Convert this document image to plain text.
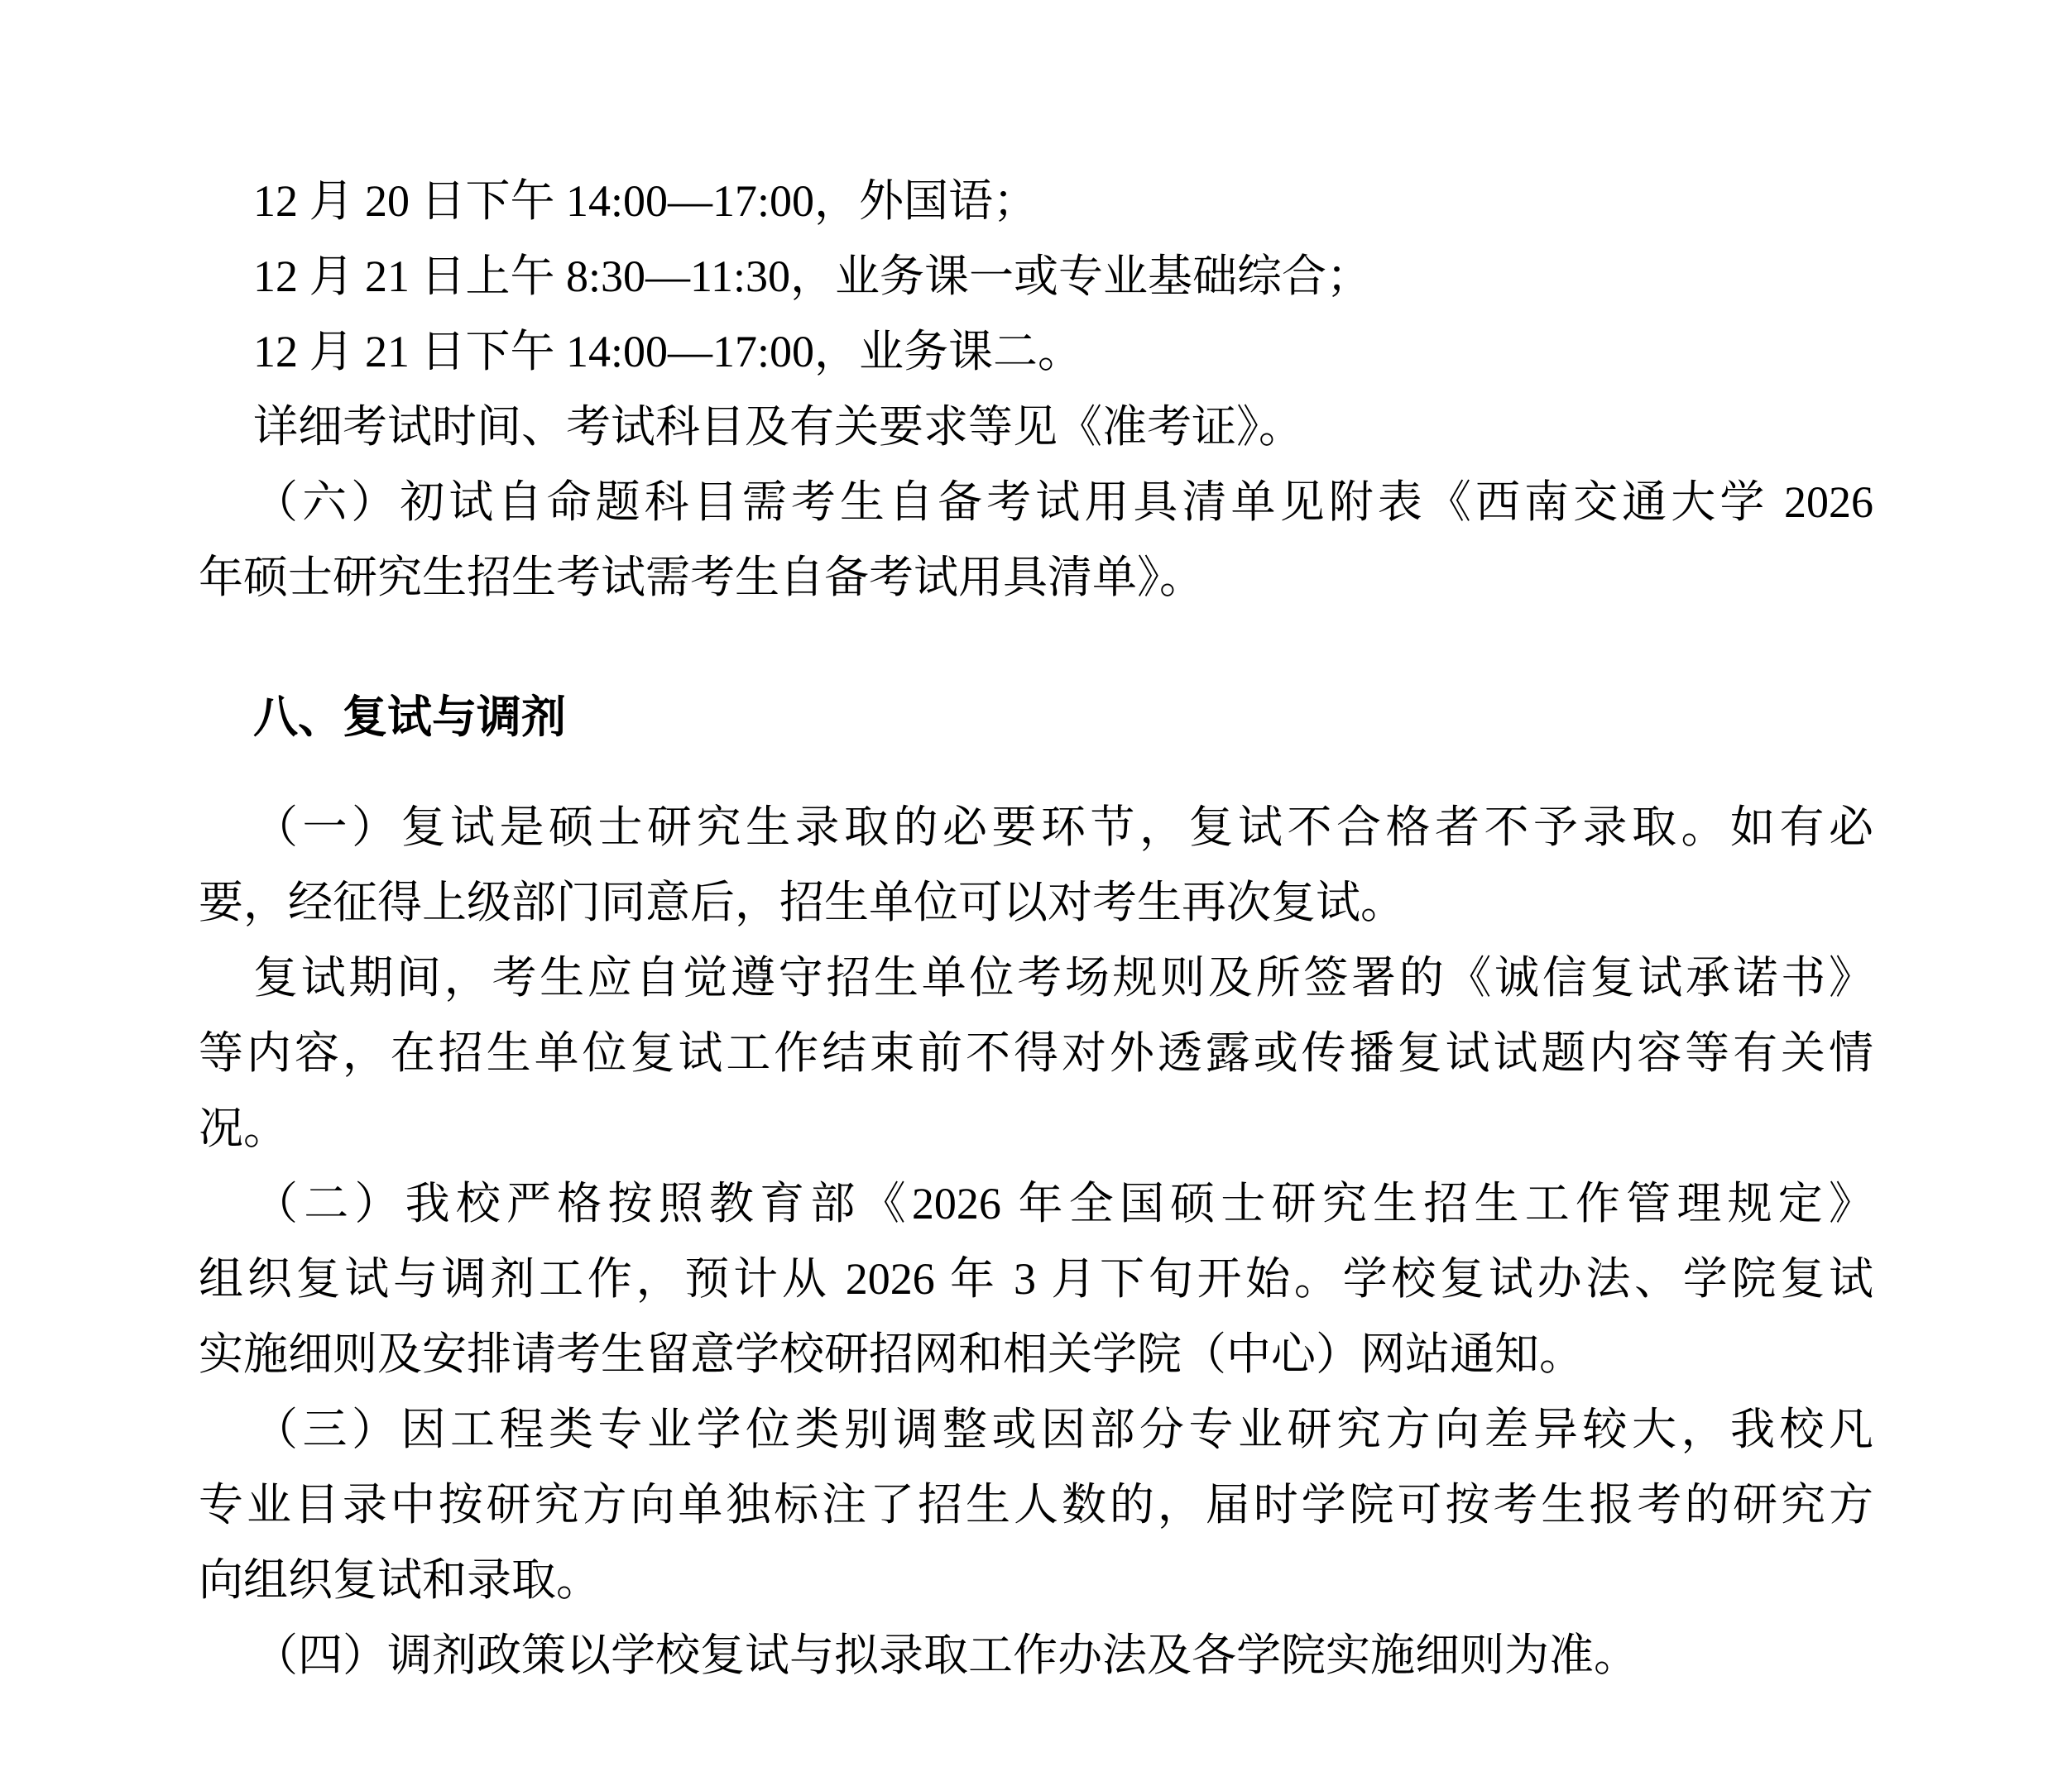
12 月 20 日下午 14:00—17:00，外国语；
12 月 21 日上午 8:30—11:30，业务课一或专业基础综合；
12 月 21 日下午 14:00—17:00，业务课二。
详细考试时间、考试科目及有关要求等见《准考证》。
（六）初试自命题科目需考生自备考试用具清单见附表《西南交通大学 2026
年硕士研究生招生考试需考生自备考试用具清单》。
八、复试与调剂
（一）复试是硕士研究生录取的必要环节，复试不合格者不予录取。如有必
要，经征得上级部门同意后，招生单位可以对考生再次复试。
复试期间，考生应自觉遵守招生单位考场规则及所签署的《诚信复试承诺书》
等内容，在招生单位复试工作结束前不得对外透露或传播复试试题内容等有关情
况。
（二）我校严格按照教育部《2026 年全国硕士研究生招生工作管理规定》
组织复试与调剂工作，预计从 2026 年 3 月下旬开始。学校复试办法、学院复试
实施细则及安排请考生留意学校研招网和相关学院（中心）网站通知。
（三）因工程类专业学位类别调整或因部分专业研究方向差异较大，我校凡
专业目录中按研究方向单独标注了招生人数的，届时学院可按考生报考的研究方
向组织复试和录取。
（四）调剂政策以学校复试与拟录取工作办法及各学院实施细则为准。
